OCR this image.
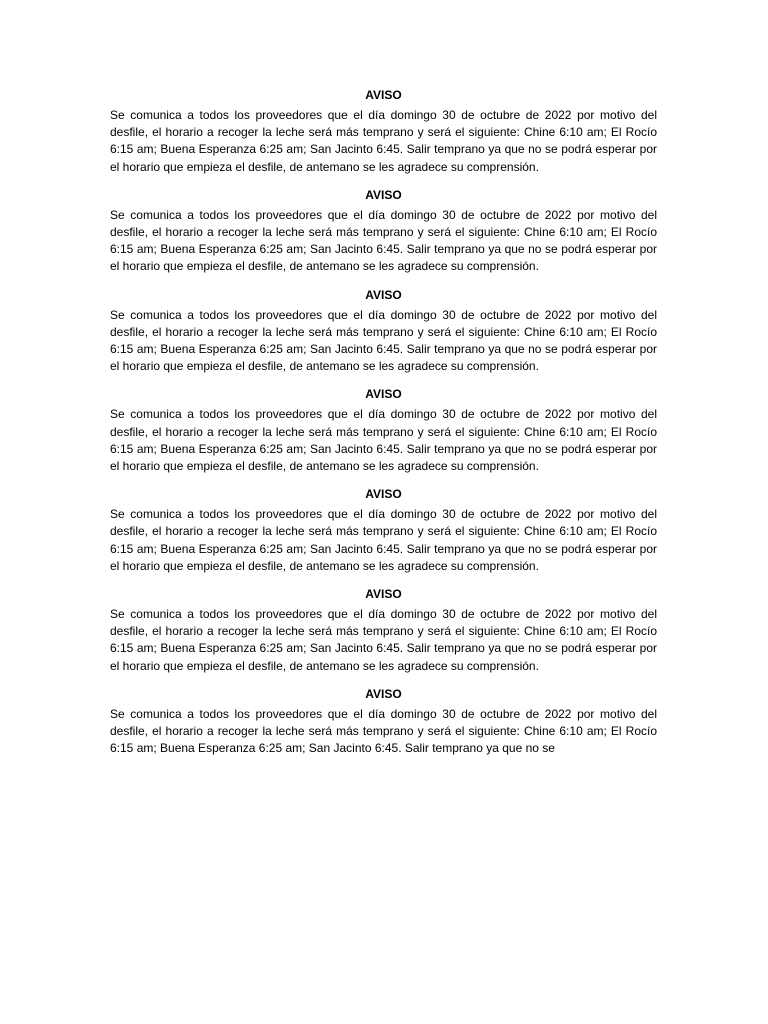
AVISO

Se comunica a todos los proveedores que el día domingo 30 de octubre de 2022 por motivo del desfile, el horario a recoger la leche será más temprano y será el siguiente: Chine 6:10 am; El Rocío 6:15 am; Buena Esperanza 6:25 am; San Jacinto 6:45. Salir temprano ya que no se podrá esperar por el horario que empieza el desfile, de antemano se les agradece su comprensión.

AVISO

Se comunica a todos los proveedores que el día domingo 30 de octubre de 2022 por motivo del desfile, el horario a recoger la leche será más temprano y será el siguiente: Chine 6:10 am; El Rocío 6:15 am; Buena Esperanza 6:25 am; San Jacinto 6:45. Salir temprano ya que no se podrá esperar por el horario que empieza el desfile, de antemano se les agradece su comprensión.

AVISO

Se comunica a todos los proveedores que el día domingo 30 de octubre de 2022 por motivo del desfile, el horario a recoger la leche será más temprano y será el siguiente: Chine 6:10 am; El Rocío 6:15 am; Buena Esperanza 6:25 am; San Jacinto 6:45. Salir temprano ya que no se podrá esperar por el horario que empieza el desfile, de antemano se les agradece su comprensión.

AVISO

Se comunica a todos los proveedores que el día domingo 30 de octubre de 2022 por motivo del desfile, el horario a recoger la leche será más temprano y será el siguiente: Chine 6:10 am; El Rocío 6:15 am; Buena Esperanza 6:25 am; San Jacinto 6:45. Salir temprano ya que no se podrá esperar por el horario que empieza el desfile, de antemano se les agradece su comprensión.

AVISO

Se comunica a todos los proveedores que el día domingo 30 de octubre de 2022 por motivo del desfile, el horario a recoger la leche será más temprano y será el siguiente: Chine 6:10 am; El Rocío 6:15 am; Buena Esperanza 6:25 am; San Jacinto 6:45. Salir temprano ya que no se podrá esperar por el horario que empieza el desfile, de antemano se les agradece su comprensión.

AVISO

Se comunica a todos los proveedores que el día domingo 30 de octubre de 2022 por motivo del desfile, el horario a recoger la leche será más temprano y será el siguiente: Chine 6:10 am; El Rocío 6:15 am; Buena Esperanza 6:25 am; San Jacinto 6:45. Salir temprano ya que no se podrá esperar por el horario que empieza el desfile, de antemano se les agradece su comprensión.

AVISO

Se comunica a todos los proveedores que el día domingo 30 de octubre de 2022 por motivo del desfile, el horario a recoger la leche será más temprano y será el siguiente: Chine 6:10 am; El Rocío 6:15 am; Buena Esperanza 6:25 am; San Jacinto 6:45. Salir temprano ya que no se
